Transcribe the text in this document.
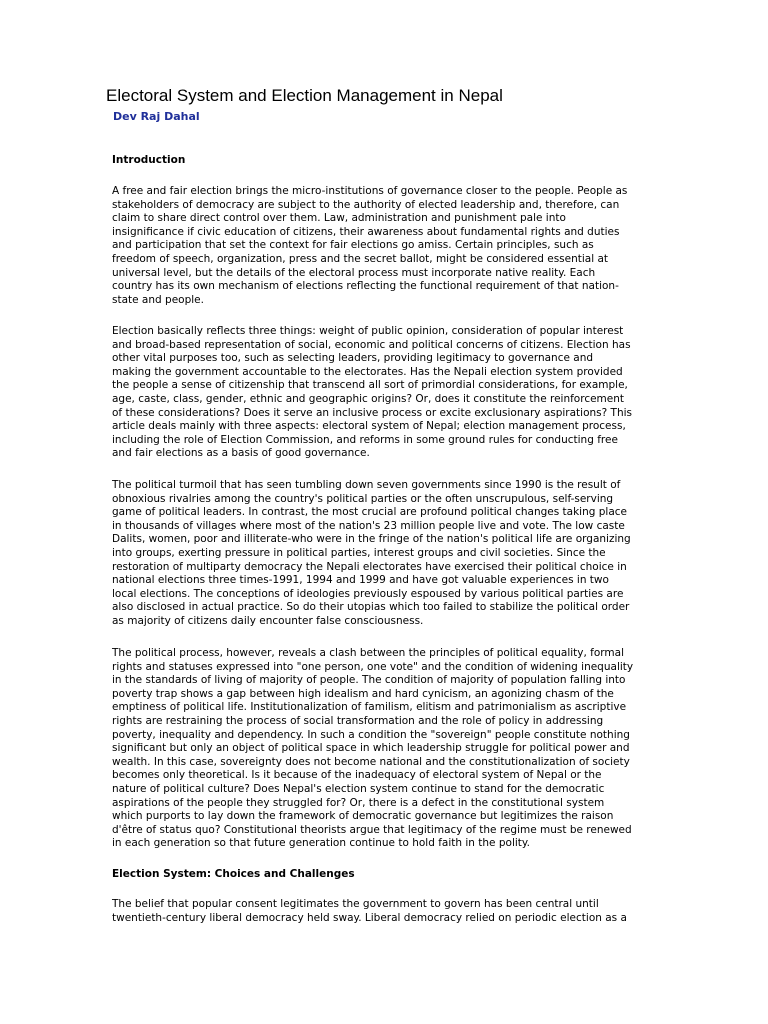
Electoral System and Election Management in Nepal
Dev Raj Dahal
Introduction
A free and fair election brings the micro-institutions of governance closer to the people. People as
stakeholders of democracy are subject to the authority of elected leadership and, therefore, can
claim to share direct control over them. Law, administration and punishment pale into
insignificance if civic education of citizens, their awareness about fundamental rights and duties
and participation that set the context for fair elections go amiss. Certain principles, such as
freedom of speech, organization, press and the secret ballot, might be considered essential at
universal level, but the details of the electoral process must incorporate native reality. Each
country has its own mechanism of elections reflecting the functional requirement of that nation-
state and people.
Election basically reflects three things: weight of public opinion, consideration of popular interest
and broad-based representation of social, economic and political concerns of citizens. Election has
other vital purposes too, such as selecting leaders, providing legitimacy to governance and
making the government accountable to the electorates. Has the Nepali election system provided
the people a sense of citizenship that transcend all sort of primordial considerations, for example,
age, caste, class, gender, ethnic and geographic origins? Or, does it constitute the reinforcement
of these considerations? Does it serve an inclusive process or excite exclusionary aspirations? This
article deals mainly with three aspects: electoral system of Nepal; election management process,
including the role of Election Commission, and reforms in some ground rules for conducting free
and fair elections as a basis of good governance.
The political turmoil that has seen tumbling down seven governments since 1990 is the result of
obnoxious rivalries among the country's political parties or the often unscrupulous, self-serving
game of political leaders. In contrast, the most crucial are profound political changes taking place
in thousands of villages where most of the nation's 23 million people live and vote. The low caste
Dalits, women, poor and illiterate-who were in the fringe of the nation's political life are organizing
into groups, exerting pressure in political parties, interest groups and civil societies. Since the
restoration of multiparty democracy the Nepali electorates have exercised their political choice in
national elections three times-1991, 1994 and 1999 and have got valuable experiences in two
local elections. The conceptions of ideologies previously espoused by various political parties are
also disclosed in actual practice. So do their utopias which too failed to stabilize the political order
as majority of citizens daily encounter false consciousness.
The political process, however, reveals a clash between the principles of political equality, formal
rights and statuses expressed into "one person, one vote" and the condition of widening inequality
in the standards of living of majority of people. The condition of majority of population falling into
poverty trap shows a gap between high idealism and hard cynicism, an agonizing chasm of the
emptiness of political life. Institutionalization of familism, elitism and patrimonialism as ascriptive
rights are restraining the process of social transformation and the role of policy in addressing
poverty, inequality and dependency. In such a condition the "sovereign" people constitute nothing
significant but only an object of political space in which leadership struggle for political power and
wealth. In this case, sovereignty does not become national and the constitutionalization of society
becomes only theoretical. Is it because of the inadequacy of electoral system of Nepal or the
nature of political culture? Does Nepal's election system continue to stand for the democratic
aspirations of the people they struggled for? Or, there is a defect in the constitutional system
which purports to lay down the framework of democratic governance but legitimizes the raison
d'être of status quo? Constitutional theorists argue that legitimacy of the regime must be renewed
in each generation so that future generation continue to hold faith in the polity.
Election System: Choices and Challenges
The belief that popular consent legitimates the government to govern has been central until
twentieth-century liberal democracy held sway. Liberal democracy relied on periodic election as a
